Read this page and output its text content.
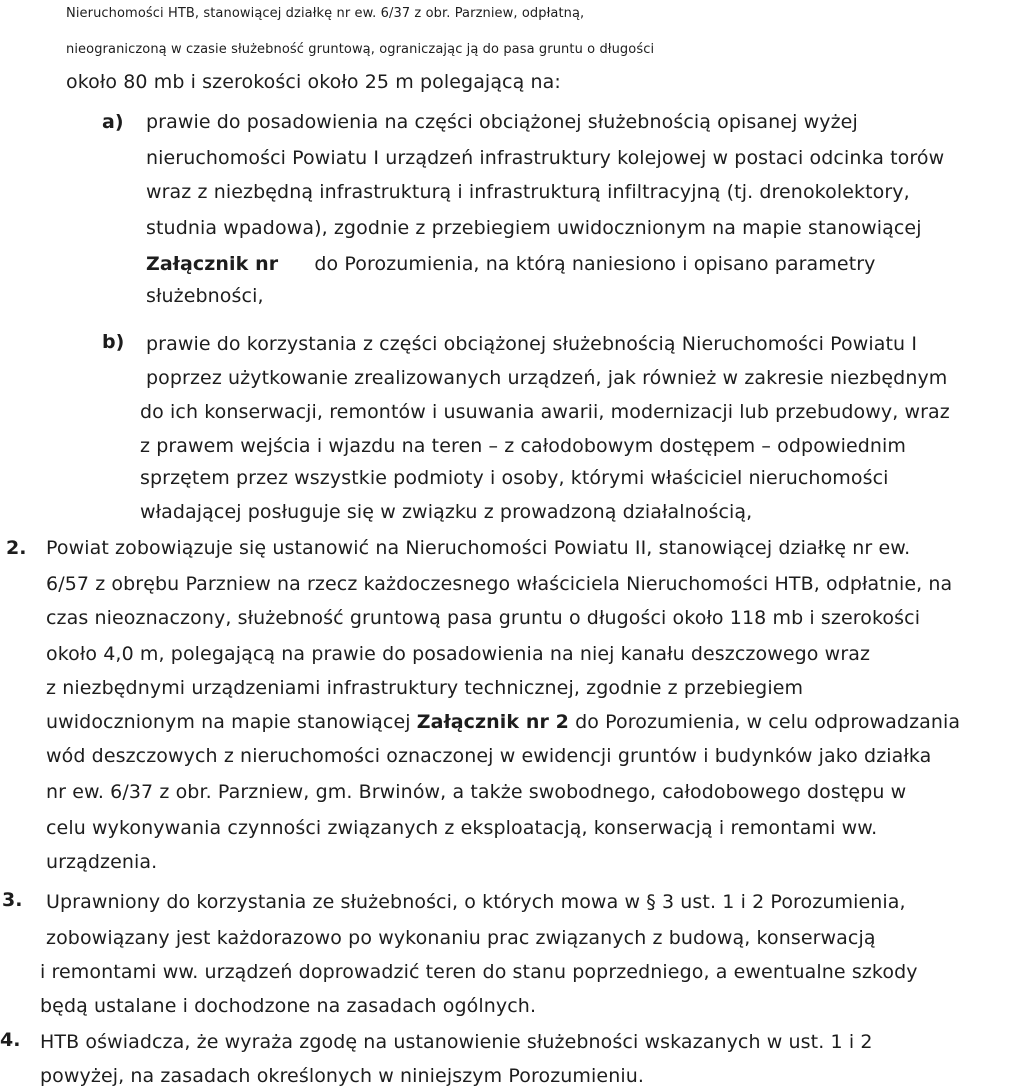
Nieruchomości HTB, stanowiącej działkę nr ew. 6/37 z obr. Parzniew, odpłatną,
nieograniczoną w czasie służebność gruntową, ograniczając ją do pasa gruntu o długości
około 80 mb i szerokości około 25 m polegającą na:
a) prawie do posadowienia na części obciążonej służebnością opisanej wyżej
nieruchomości Powiatu I urządzeń infrastruktury kolejowej w postaci odcinka torów
wraz z niezbędną infrastrukturą i infrastrukturą infiltracyjną (tj. drenokolektory,
studnia wpadowa), zgodnie z przebiegiem uwidocznionym na mapie stanowiącej
Załącznik nr do Porozumienia, na którą naniesiono i opisano parametry
służebności,
b) prawie do korzystania z części obciążonej służebnością Nieruchomości Powiatu I
poprzez użytkowanie zrealizowanych urządzeń, jak również w zakresie niezbędnym
do ich konserwacji, remontów i usuwania awarii, modernizacji lub przebudowy, wraz
z prawem wejścia i wjazdu na teren – z całodobowym dostępem – odpowiednim
sprzętem przez wszystkie podmioty i osoby, którymi właściciel nieruchomości
władającej posługuje się w związku z prowadzoną działalnością,
2. Powiat zobowiązuje się ustanowić na Nieruchomości Powiatu II, stanowiącej działkę nr ew.
6/57 z obrębu Parzniew na rzecz każdoczesnego właściciela Nieruchomości HTB, odpłatnie, na
czas nieoznaczony, służebność gruntową pasa gruntu o długości około 118 mb i szerokości
około 4,0 m, polegającą na prawie do posadowienia na niej kanału deszczowego wraz
z niezbędnymi urządzeniami infrastruktury technicznej, zgodnie z przebiegiem
uwidocznionym na mapie stanowiącej Załącznik nr 2 do Porozumienia, w celu odprowadzania
wód deszczowych z nieruchomości oznaczonej w ewidencji gruntów i budynków jako działka
nr ew. 6/37 z obr. Parzniew, gm. Brwinów, a także swobodnego, całodobowego dostępu w
celu wykonywania czynności związanych z eksploatacją, konserwacją i remontami ww.
urządzenia.
3. Uprawniony do korzystania ze służebności, o których mowa w § 3 ust. 1 i 2 Porozumienia,
zobowiązany jest każdorazowo po wykonaniu prac związanych z budową, konserwacją
i remontami ww. urządzeń doprowadzić teren do stanu poprzedniego, a ewentualne szkody
będą ustalane i dochodzone na zasadach ogólnych.
4. HTB oświadcza, że wyraża zgodę na ustanowienie służebności wskazanych w ust. 1 i 2
powyżej, na zasadach określonych w niniejszym Porozumieniu.
